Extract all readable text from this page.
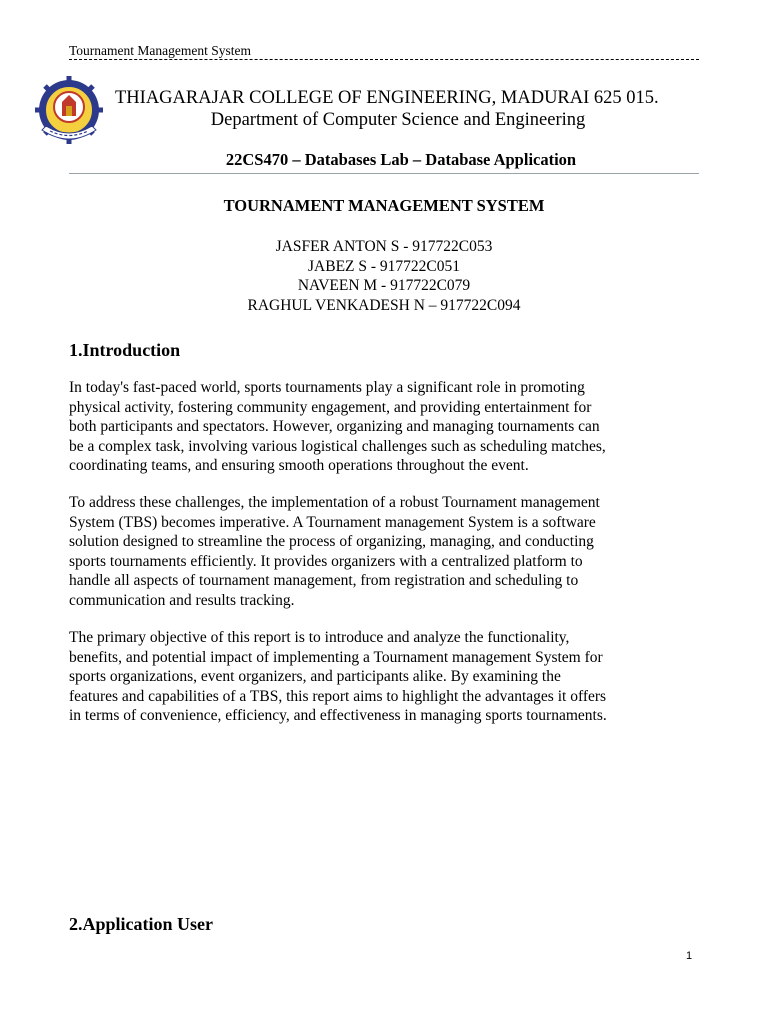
Tournament Management System
THIAGARAJAR COLLEGE OF ENGINEERING, MADURAI 625 015.
Department of Computer Science and Engineering
22CS470 – Databases Lab – Database Application
TOURNAMENT MANAGEMENT SYSTEM
JASFER ANTON S - 917722C053
JABEZ S - 917722C051
NAVEEN M - 917722C079
RAGHUL VENKADESH N – 917722C094
1.Introduction
In today's fast-paced world, sports tournaments play a significant role in promoting
physical activity, fostering community engagement, and providing entertainment for
both participants and spectators. However, organizing and managing tournaments can
be a complex task, involving various logistical challenges such as scheduling matches,
coordinating teams, and ensuring smooth operations throughout the event.
To address these challenges, the implementation of a robust Tournament management
System (TBS) becomes imperative. A Tournament management System is a software
solution designed to streamline the process of organizing, managing, and conducting
sports tournaments efficiently. It provides organizers with a centralized platform to
handle all aspects of tournament management, from registration and scheduling to
communication and results tracking.
The primary objective of this report is to introduce and analyze the functionality,
benefits, and potential impact of implementing a Tournament management System for
sports organizations, event organizers, and participants alike. By examining the
features and capabilities of a TBS, this report aims to highlight the advantages it offers
in terms of convenience, efficiency, and effectiveness in managing sports tournaments.
2.Application User
1
